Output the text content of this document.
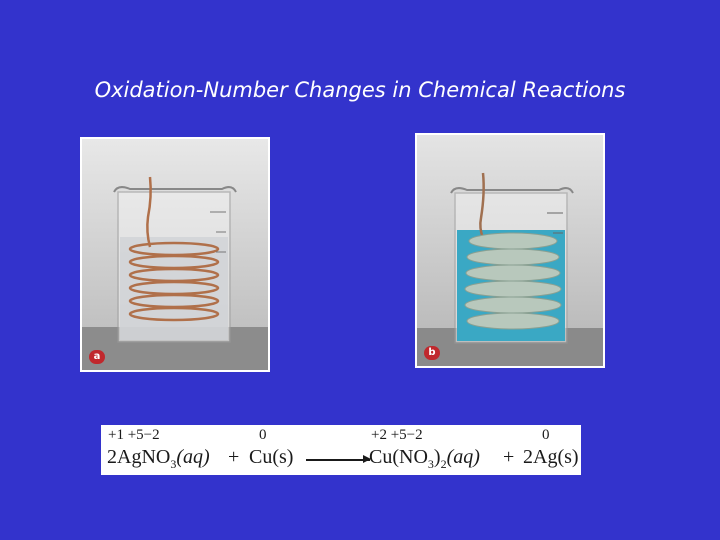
Oxidation-Number Changes in Chemical Reactions
a	b
+1 +5−2	0	+2 +5−2	0
2AgNO$_3$(aq) + $Cu(s) \to Cu(NO_3)_2(aq) + 2Ag(s)$
